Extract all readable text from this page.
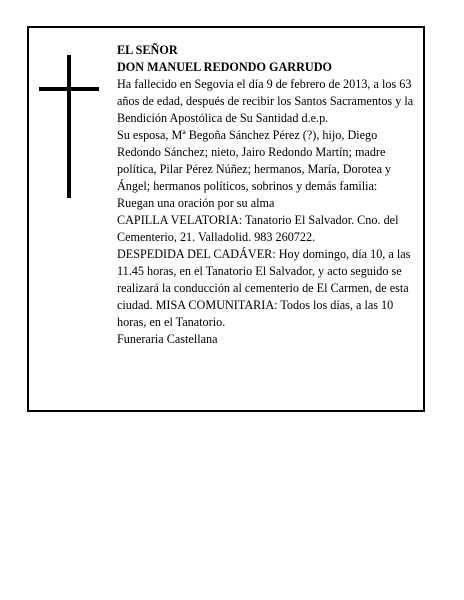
EL SEÑOR

DON MANUEL REDONDO GARRUDO

Ha fallecido en Segovia el día 9 de febrero de 2013, a los 63 años de edad, después de recibir los Santos Sacramentos y la Bendición Apostólica de Su Santidad d.e.p.

Su esposa, Mª Begoña Sánchez Pérez (?), hijo, Diego Redondo Sánchez; nieto, Jairo Redondo Martín; madre política, Pilar Pérez Núñez; hermanos, María, Dorotea y Ángel; hermanos políticos, sobrinos y demás familia:

Ruegan una oración por su alma

CAPILLA VELATORIA: Tanatorio El Salvador. Cno. del Cementerio, 21. Valladolid. 983 260722.

DESPEDIDA DEL CADÁVER: Hoy domingo, día 10, a las 11.45 horas, en el Tanatorio El Salvador, y acto seguido se realizará la conducción al cementerio de El Carmen, de esta ciudad. MISA COMUNITARIA: Todos los días, a las 10 horas, en el Tanatorio.

Funeraria Castellana
